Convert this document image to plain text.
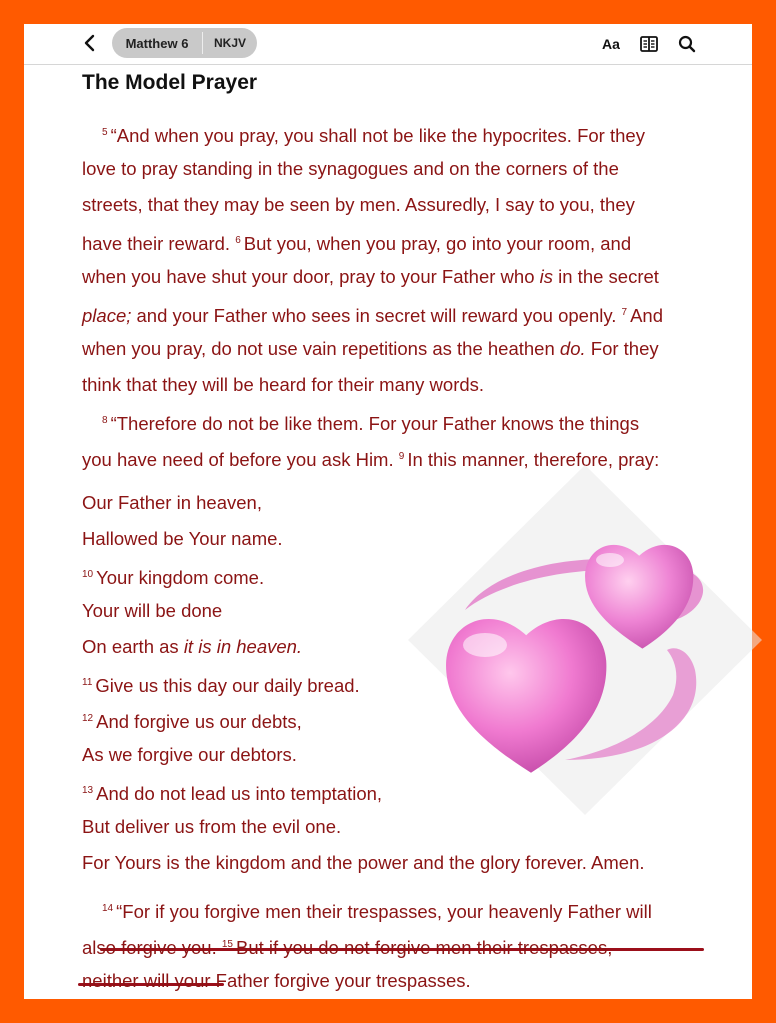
Matthew 6	NKJV	Aa
The Model Prayer
$^5$ “And when you pray, you shall not be like the hypocrites. For they
love to pray standing in the synagogues and on the corners of the
streets, that they may be seen by men. Assuredly, I say to you, they
have their reward. $^6$ But you, when you pray, go into your room, and
when you have shut your door, pray to your Father who is in the secret
place; and your Father who sees in secret will reward you openly. $^7$ And
when you pray, do not use vain repetitions as the heathen do. For they
think that they will be heard for their many words.
$^8$ “Therefore do not be like them. For your Father knows the things
you have need of before you ask Him. $^9$ In this manner, therefore, pray:
Our Father in heaven,
Hallowed be Your name.
$^{10}$ Your kingdom come.
Your will be done
On earth as it is in heaven.
$^{11}$ Give us this day our daily bread.
$^{12}$ And forgive us our debts,
As we forgive our debtors.
$^{13}$ And do not lead us into temptation,
But deliver us from the evil one.
For Yours is the kingdom and the power and the glory forever. Amen.
$^{14}$ “For if you forgive men their trespasses, your heavenly Father will
also forgive you. $^{15}$ But if you do not forgive men their trespasses,
neither will your Father forgive your trespasses.
